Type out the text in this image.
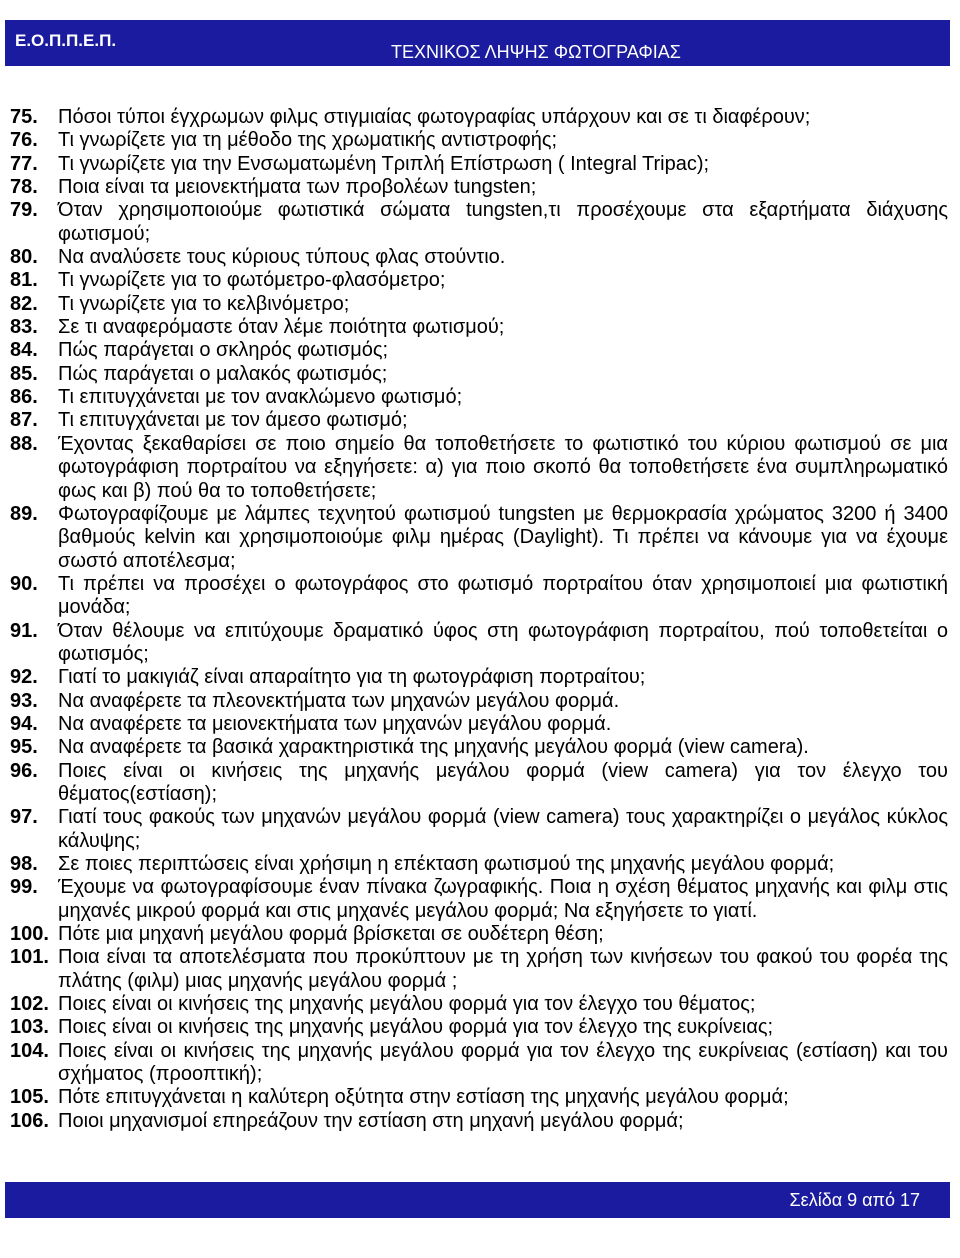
Ε.Ο.Π.Π.Ε.Π.
ΤΕΧΝΙΚΟΣ ΛΗΨΗΣ ΦΩΤΟΓΡΑΦΙΑΣ
75.	Πόσοι τύποι έγχρωμων φιλμς στιγμιαίας φωτογραφίας υπάρχουν και σε τι διαφέρουν;
76.	Τι γνωρίζετε για τη μέθοδο της χρωματικής αντιστροφής;
77.	Τι γνωρίζετε για την Ενσωματωμένη Τριπλή Επίστρωση ( Integral Tripac);
78.	Ποια είναι τα μειονεκτήματα των προβολέων tungsten;
79.	Όταν χρησιμοποιούμε φωτιστικά σώματα tungsten,τι προσέχουμε στα εξαρτήματα διάχυσης φωτισμού;
80.	Να αναλύσετε τους κύριους τύπους φλας στούντιο.
81.	Τι γνωρίζετε για το φωτόμετρο-φλασόμετρο;
82.	Τι γνωρίζετε για το κελβινόμετρο;
83.	Σε τι αναφερόμαστε όταν λέμε ποιότητα φωτισμού;
84.	Πώς παράγεται ο σκληρός φωτισμός;
85.	Πώς παράγεται ο μαλακός φωτισμός;
86.	Τι επιτυγχάνεται με τον ανακλώμενο φωτισμό;
87.	Τι επιτυγχάνεται με τον άμεσο φωτισμό;
88.	Έχοντας ξεκαθαρίσει σε ποιο σημείο θα τοποθετήσετε το φωτιστικό του κύριου φωτισμού σε μια φωτογράφιση πορτραίτου να εξηγήσετε: α) για ποιο σκοπό θα τοποθετήσετε ένα συμπληρωματικό φως και β) πού θα το τοποθετήσετε;
89.	Φωτογραφίζουμε με λάμπες τεχνητού φωτισμού tungsten με θερμοκρασία χρώματος 3200 ή 3400 βαθμούς kelvin και χρησιμοποιούμε φιλμ ημέρας (Daylight). Τι πρέπει να κάνουμε για να έχουμε σωστό αποτέλεσμα;
90.	Τι πρέπει να προσέχει ο φωτογράφος στο φωτισμό πορτραίτου όταν χρησιμοποιεί μια φωτιστική μονάδα;
91.	Όταν θέλουμε να επιτύχουμε δραματικό ύφος στη φωτογράφιση πορτραίτου, πού τοποθετείται ο φωτισμός;
92.	Γιατί το μακιγιάζ είναι απαραίτητο για τη φωτογράφιση πορτραίτου;
93.	Να αναφέρετε τα πλεονεκτήματα των μηχανών μεγάλου φορμά.
94.	Να αναφέρετε τα μειονεκτήματα των μηχανών μεγάλου φορμά.
95.	Να αναφέρετε τα βασικά χαρακτηριστικά της μηχανής μεγάλου φορμά (view camera).
96.	Ποιες είναι οι κινήσεις της μηχανής μεγάλου φορμά (view camera) για τον έλεγχο του θέματος(εστίαση);
97.	Γιατί τους φακούς των μηχανών μεγάλου φορμά (view camera) τους χαρακτηρίζει ο μεγάλος κύκλος κάλυψης;
98.	Σε ποιες περιπτώσεις είναι χρήσιμη η επέκταση φωτισμού της μηχανής μεγάλου φορμά;
99.	Έχουμε να φωτογραφίσουμε έναν πίνακα ζωγραφικής. Ποια η σχέση θέματος μηχανής και φιλμ στις μηχανές μικρού φορμά και στις μηχανές μεγάλου φορμά; Να εξηγήσετε το γιατί.
100. Πότε μια μηχανή μεγάλου φορμά βρίσκεται σε ουδέτερη θέση;
101. Ποια είναι τα αποτελέσματα που προκύπτουν με τη χρήση των κινήσεων του φακού του φορέα της πλάτης (φιλμ) μιας μηχανής μεγάλου φορμά ;
102. Ποιες είναι οι κινήσεις της μηχανής μεγάλου φορμά για τον έλεγχο του θέματος;
103. Ποιες είναι οι κινήσεις της μηχανής μεγάλου φορμά για τον έλεγχο της ευκρίνειας;
104. Ποιες είναι οι κινήσεις της μηχανής μεγάλου φορμά για τον έλεγχο της ευκρίνειας (εστίαση) και του σχήματος (προοπτική);
105. Πότε επιτυγχάνεται η καλύτερη οξύτητα στην εστίαση της μηχανής μεγάλου φορμά;
106. Ποιοι μηχανισμοί επηρεάζουν την εστίαση στη μηχανή μεγάλου φορμά;
Σελίδα 9 από 17
